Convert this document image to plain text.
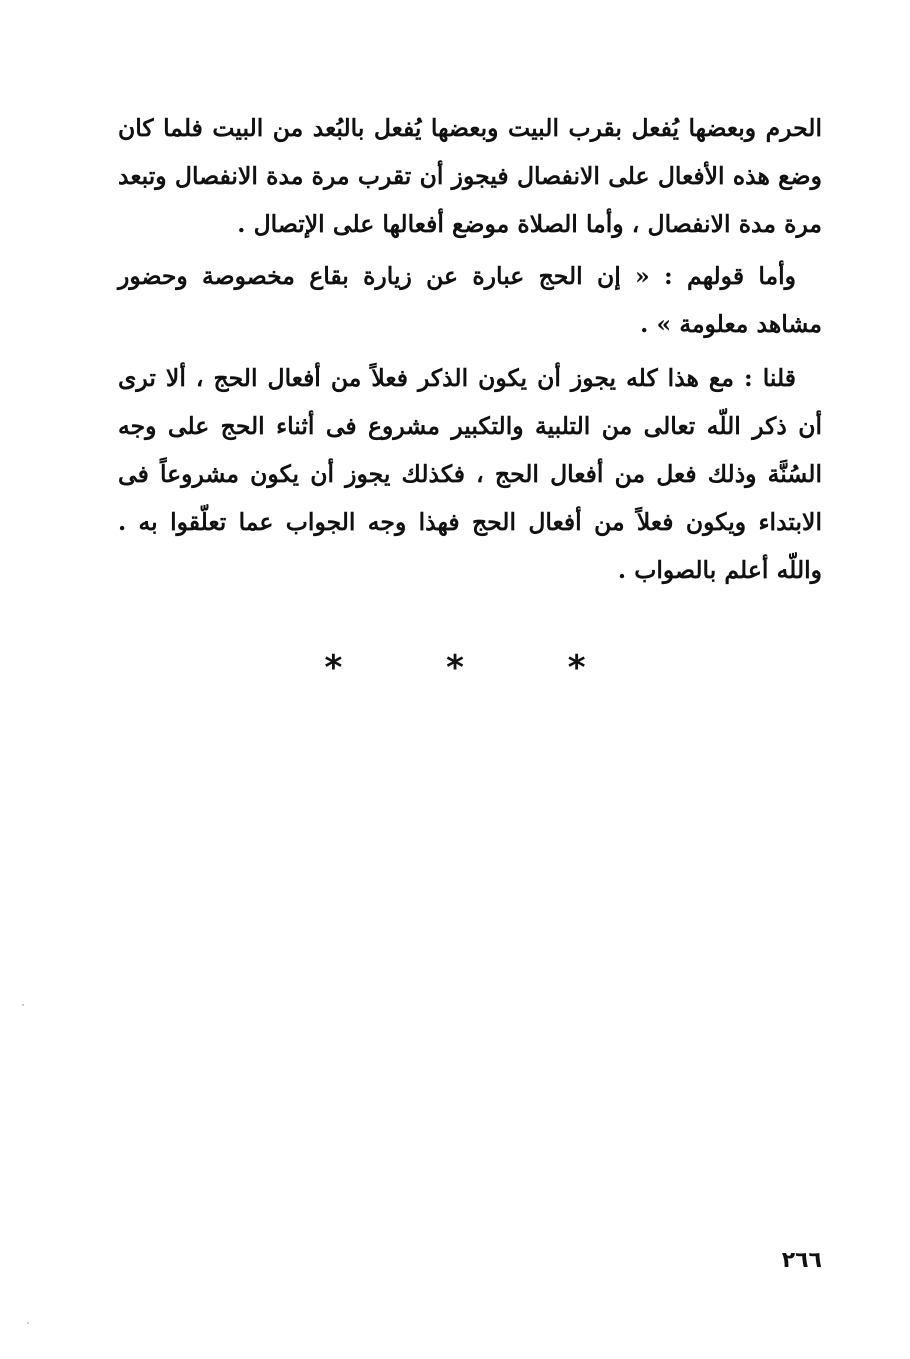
الحرم وبعضها يُفعل بقرب البيت وبعضها يُفعل بالبُعد من البيت فلما كان وضع هذه الأفعال على الانفصال فيجوز أن تقرب مرة مدة الانفصال وتبعد مرة مدة الانفصال ، وأما الصلاة موضع أفعالها على الإتصال .

وأما قولهم : « إن الحج عبارة عن زيارة بقاع مخصوصة وحضور مشاهد معلومة » .

قلنا : مع هذا كله يجوز أن يكون الذكر فعلاً من أفعال الحج ، ألا ترى أن ذكر اللّه تعالى من التلبية والتكبير مشروع فى أثناء الحج على وجه السُنَّة وذلك فعل من أفعال الحج ، فكذلك يجوز أن يكون مشروعاً فى الابتداء ويكون فعلاً من أفعال الحج فهذا وجه الجواب عما تعلّقوا به . واللّه أعلم بالصواب .

* * *
٢٦٦
